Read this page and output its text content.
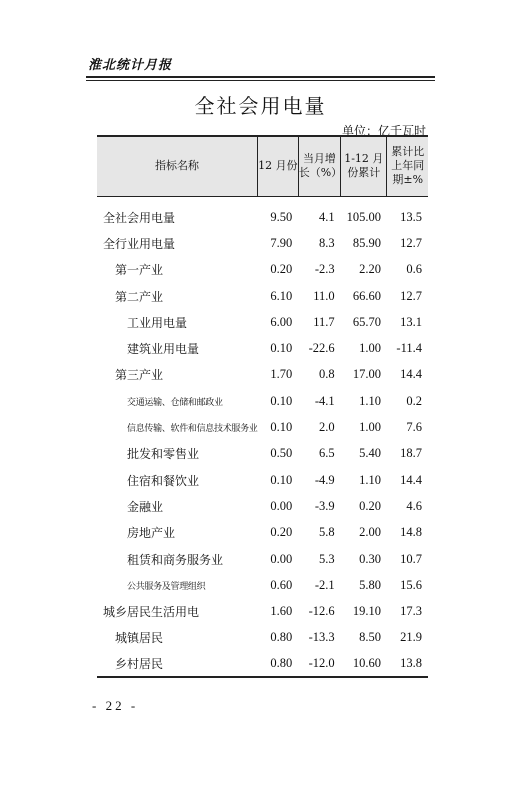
淮北统计月报
全社会用电量
单位：亿千瓦时
指标名称	12 月份	当月增长（%）	1-12 月份累计	累计比上年同期±%

全社会用电量	9.50	4.1	105.00	13.5
全行业用电量	7.90	8.3	85.90	12.7
第一产业	0.20	-2.3	2.20	0.6
第二产业	6.10	11.0	66.60	12.7
工业用电量	6.00	11.7	65.70	13.1
建筑业用电量	0.10	-22.6	1.00	-11.4
第三产业	1.70	0.8	17.00	14.4
交通运输、仓储和邮政业	0.10	-4.1	1.10	0.2
信息传输、软件和信息技术服务业	0.10	2.0	1.00	7.6
批发和零售业	0.50	6.5	5.40	18.7
住宿和餐饮业	0.10	-4.9	1.10	14.4
金融业	0.00	-3.9	0.20	4.6
房地产业	0.20	5.8	2.00	14.8
租赁和商务服务业	0.00	5.3	0.30	10.7
公共服务及管理组织	0.60	-2.1	5.80	15.6
城乡居民生活用电	1.60	-12.6	19.10	17.3
城镇居民	0.80	-13.3	8.50	21.9
乡村居民	0.80	-12.0	10.60	13.8
- 22 -
